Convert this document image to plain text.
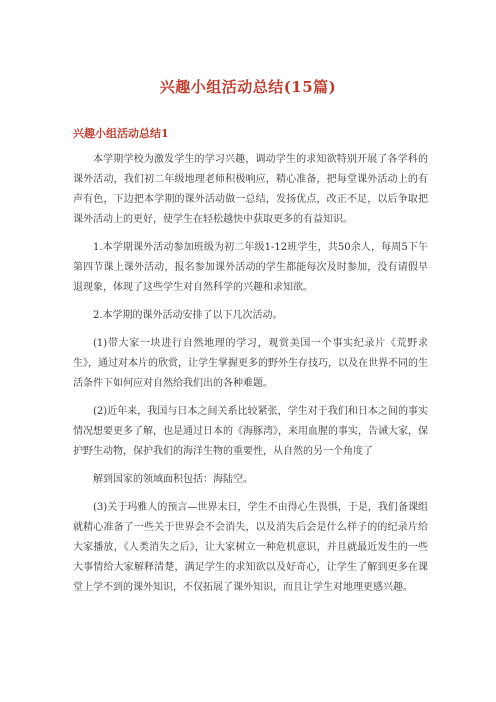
兴趣小组活动总结(15篇)
兴趣小组活动总结1

本学期学校为激发学生的学习兴趣，调动学生的求知欲特别开展了各学科的课外活动，我们初二年级地理老师积极响应，精心准备，把每堂课外活动上的有声有色，下边把本学期的课外活动做一总结，发扬优点，改正不足，以后争取把课外活动上的更好，使学生在轻松越快中获取更多的有益知识。

1.本学期课外活动参加班级为初二年级1-12班学生，共50余人，每周5下午第四节课上课外活动，报名参加课外活动的学生都能每次及时参加，没有请假早退现象，体现了这些学生对自然科学的兴趣和求知欲。

2.本学期的课外活动安排了以下几次活动。

(1)带大家一块进行自然地理的学习，观赏美国一个事实纪录片《荒野求生》，通过对本片的欣赏，让学生掌握更多的野外生存技巧，以及在世界不同的生活条件下如何应对自然给我们出的各种难题。

(2)近年来，我国与日本之间关系比较紧张，学生对于我们和日本之间的事实情况想要更多了解，也是通过日本的《海豚湾》，来用血腥的事实，告诫大家，保护野生动物，保护我们的海洋生物的重要性，从自然的另一个角度了

解到国家的领域面积包括：海陆空。

(3)关于玛雅人的预言—世界末日，学生不由得心生畏惧，于是，我们备课组就精心准备了一些关于世界会不会消失，以及消失后会是什么样子的的纪录片给大家播放，《人类消失之后》，让大家树立一种危机意识，并且就最近发生的一些大事情给大家解释清楚，满足学生的求知欲以及好奇心，让学生了解到更多在课堂上学不到的课外知识，不仅拓展了课外知识，而且让学生对地理更感兴趣。
